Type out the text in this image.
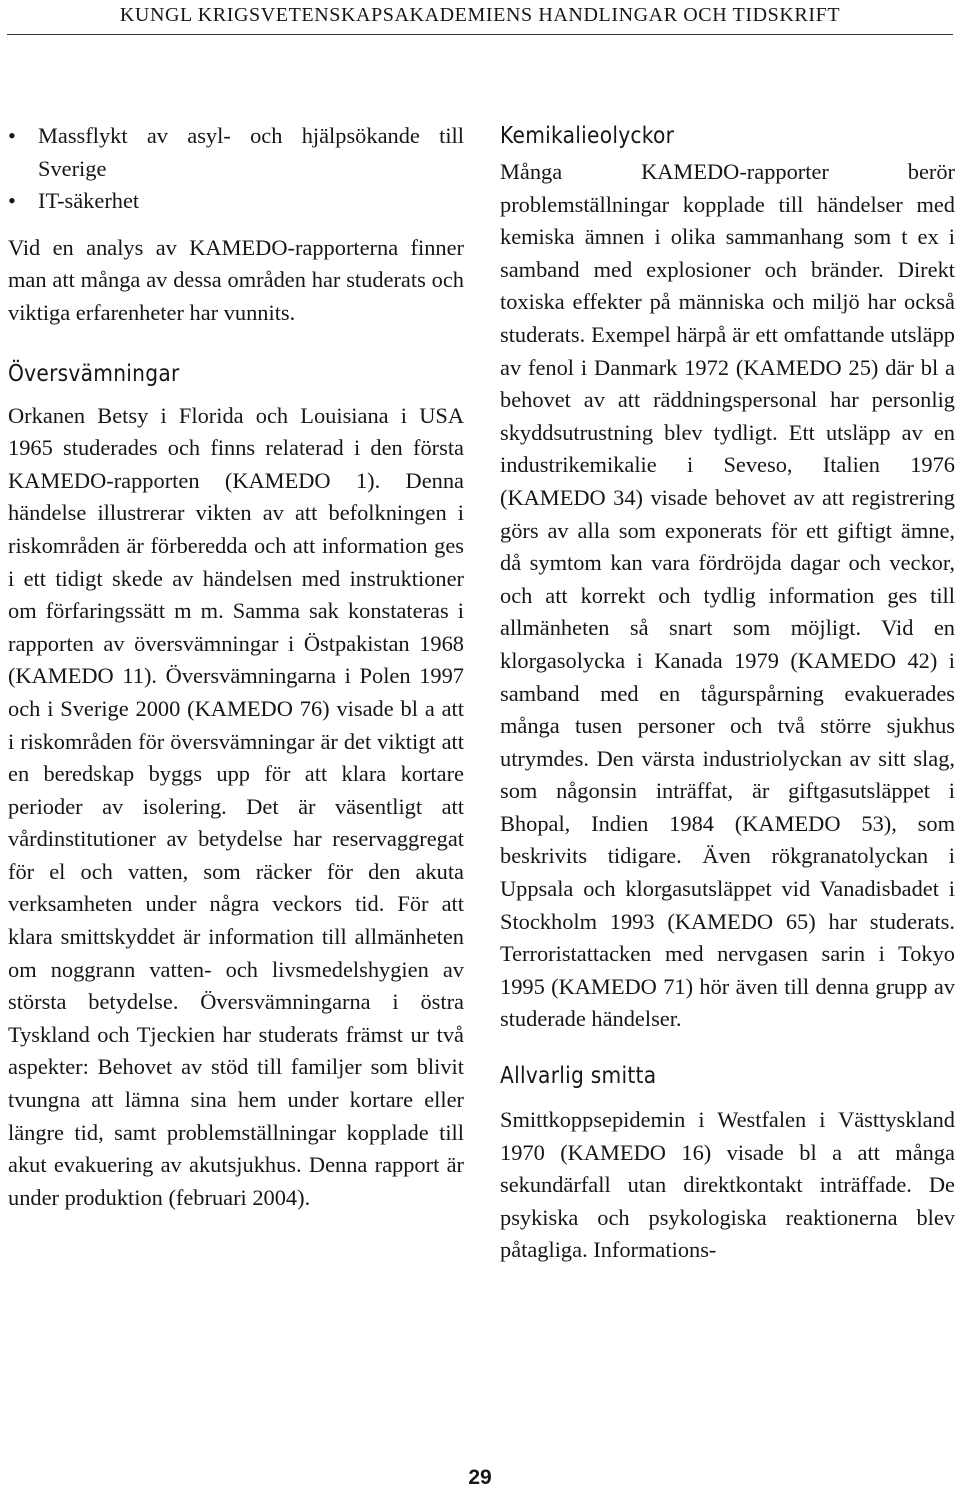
KUNGL KRIGSVETENSKAPSAKADEMIENS HANDLINGAR OCH TIDSKRIFT
• Massflykt av asyl- och hjälpsökande till Sverige
• IT-säkerhet

Vid en analys av KAMEDO-rapporterna finner man att många av dessa områden har studerats och viktiga erfarenheter har vunnits.

Översvämningar

Orkanen Betsy i Florida och Louisiana i USA 1965 studerades och finns relaterad i den första KAMEDO-rapporten (KAMEDO 1). Denna händelse illustrerar vikten av att befolkningen i riskområden är förberedda och att information ges i ett tidigt skede av händelsen med instruktioner om förfaringssätt m m. Samma sak konstateras i rapporten av översvämningar i Östpakistan 1968 (KAMEDO 11). Översvämningarna i Polen 1997 och i Sverige 2000 (KAMEDO 76) visade bl a att i riskområden för översvämningar är det viktigt att en beredskap byggs upp för att klara kortare perioder av isolering. Det är väsentligt att vårdinstitutioner av betydelse har reservaggregat för el och vatten, som räcker för den akuta verksamheten under några veckors tid. För att klara smittskyddet är information till allmänheten om noggrann vatten- och livsmedelshygien av största betydelse. Översvämningarna i östra Tyskland och Tjeckien har studerats främst ur två aspekter: Behovet av stöd till familjer som blivit tvungna att lämna sina hem under kortare eller längre tid, samt problemställningar kopplade till akut evakuering av akutsjukhus. Denna rapport är under produktion (februari 2004).

Kemikalieolyckor

Många KAMEDO-rapporter berör problemställningar kopplade till händelser med kemiska ämnen i olika sammanhang som t ex i samband med explosioner och bränder. Direkt toxiska effekter på människa och miljö har också studerats. Exempel härpå är ett omfattande utsläpp av fenol i Danmark 1972 (KAMEDO 25) där bl a behovet av att räddningspersonal har personlig skyddsutrustning blev tydligt. Ett utsläpp av en industrikemikalie i Seveso, Italien 1976 (KAMEDO 34) visade behovet av att registrering görs av alla som exponerats för ett giftigt ämne, då symtom kan vara fördröjda dagar och veckor, och att korrekt och tydlig information ges till allmänheten så snart som möjligt. Vid en klorgasolycka i Kanada 1979 (KAMEDO 42) i samband med en tågurspårning evakuerades många tusen personer och två större sjukhus utrymdes. Den värsta industriolyckan av sitt slag, som någonsin inträffat, är giftgasutsläppet i Bhopal, Indien 1984 (KAMEDO 53), som beskrivits tidigare. Även rökgranatolyckan i Uppsala och klorgasutsläppet vid Vanadisbadet i Stockholm 1993 (KAMEDO 65) har studerats. Terroristattacken med nervgasen sarin i Tokyo 1995 (KAMEDO 71) hör även till denna grupp av studerade händelser.

Allvarlig smitta

Smittkoppsepidemin i Westfalen i Västtyskland 1970 (KAMEDO 16) visade bl a att många sekundärfall utan direktkontakt inträffade. De psykiska och psykologiska reaktionerna blev påtagliga. Informations-

29
